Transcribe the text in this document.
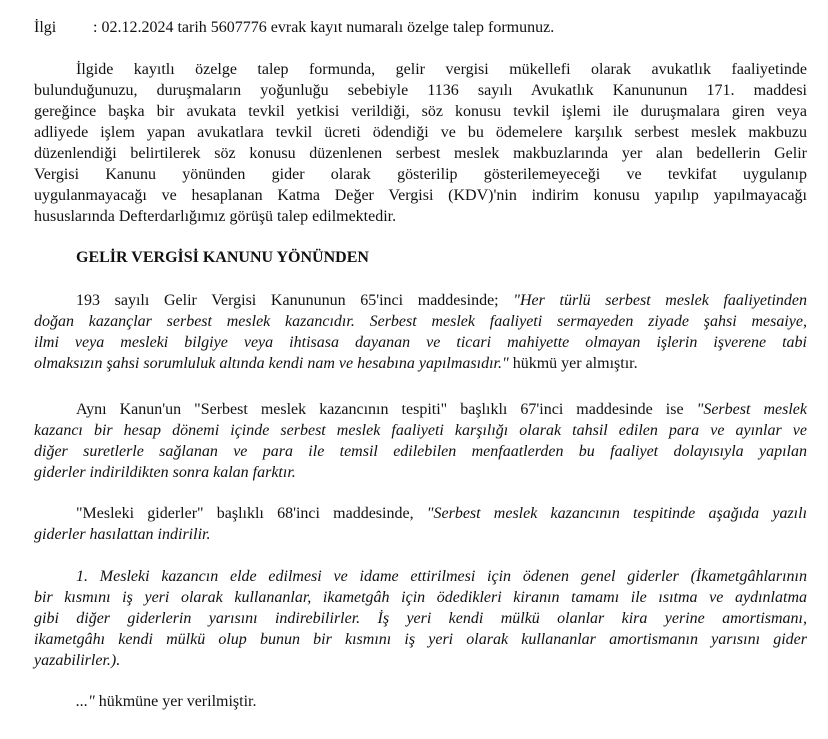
İlgi : 02.12.2024 tarih 5607776 evrak kayıt numaralı özelge talep formunuz.
İlgide kayıtlı özelge talep formunda, gelir vergisi mükellefi olarak avukatlık faaliyetinde
bulunduğunuzu, duruşmaların yoğunluğu sebebiyle 1136 sayılı Avukatlık Kanununun 171. maddesi
gereğince başka bir avukata tevkil yetkisi verildiği, söz konusu tevkil işlemi ile duruşmalara giren veya
adliyede işlem yapan avukatlara tevkil ücreti ödendiği ve bu ödemelere karşılık serbest meslek makbuzu
düzenlendiği belirtilerek söz konusu düzenlenen serbest meslek makbuzlarında yer alan bedellerin Gelir
Vergisi Kanunu yönünden gider olarak gösterilip gösterilemeyeceği ve tevkifat uygulanıp
uygulanmayacağı ve hesaplanan Katma Değer Vergisi (KDV)'nin indirim konusu yapılıp yapılmayacağı
hususlarında Defterdarlığımız görüşü talep edilmektedir.
GELİR VERGİSİ KANUNU YÖNÜNDEN
193 sayılı Gelir Vergisi Kanununun 65'inci maddesinde; "Her türlü serbest meslek faaliyetinden
doğan kazançlar serbest meslek kazancıdır. Serbest meslek faaliyeti sermayeden ziyade şahsi mesaiye,
ilmi veya mesleki bilgiye veya ihtisasa dayanan ve ticari mahiyette olmayan işlerin işverene tabi
olmaksızın şahsi sorumluluk altında kendi nam ve hesabına yapılmasıdır." hükmü yer almıştır.
Aynı Kanun'un "Serbest meslek kazancının tespiti" başlıklı 67'inci maddesinde ise "Serbest meslek
kazancı bir hesap dönemi içinde serbest meslek faaliyeti karşılığı olarak tahsil edilen para ve ayınlar ve
diğer suretlerle sağlanan ve para ile temsil edilebilen menfaatlerden bu faaliyet dolayısıyla yapılan
giderler indirildikten sonra kalan farktır.
"Mesleki giderler" başlıklı 68'inci maddesinde, "Serbest meslek kazancının tespitinde aşağıda yazılı
giderler hasılattan indirilir.
1. Mesleki kazancın elde edilmesi ve idame ettirilmesi için ödenen genel giderler (İkametgâhlarının
bir kısmını iş yeri olarak kullananlar, ikametgâh için ödedikleri kiranın tamamı ile ısıtma ve aydınlatma
gibi diğer giderlerin yarısını indirebilirler. İş yeri kendi mülkü olanlar kira yerine amortismanı,
ikametgâhı kendi mülkü olup bunun bir kısmını iş yeri olarak kullananlar amortismanın yarısını gider
yazabilirler.).
..." hükmüne yer verilmiştir.
